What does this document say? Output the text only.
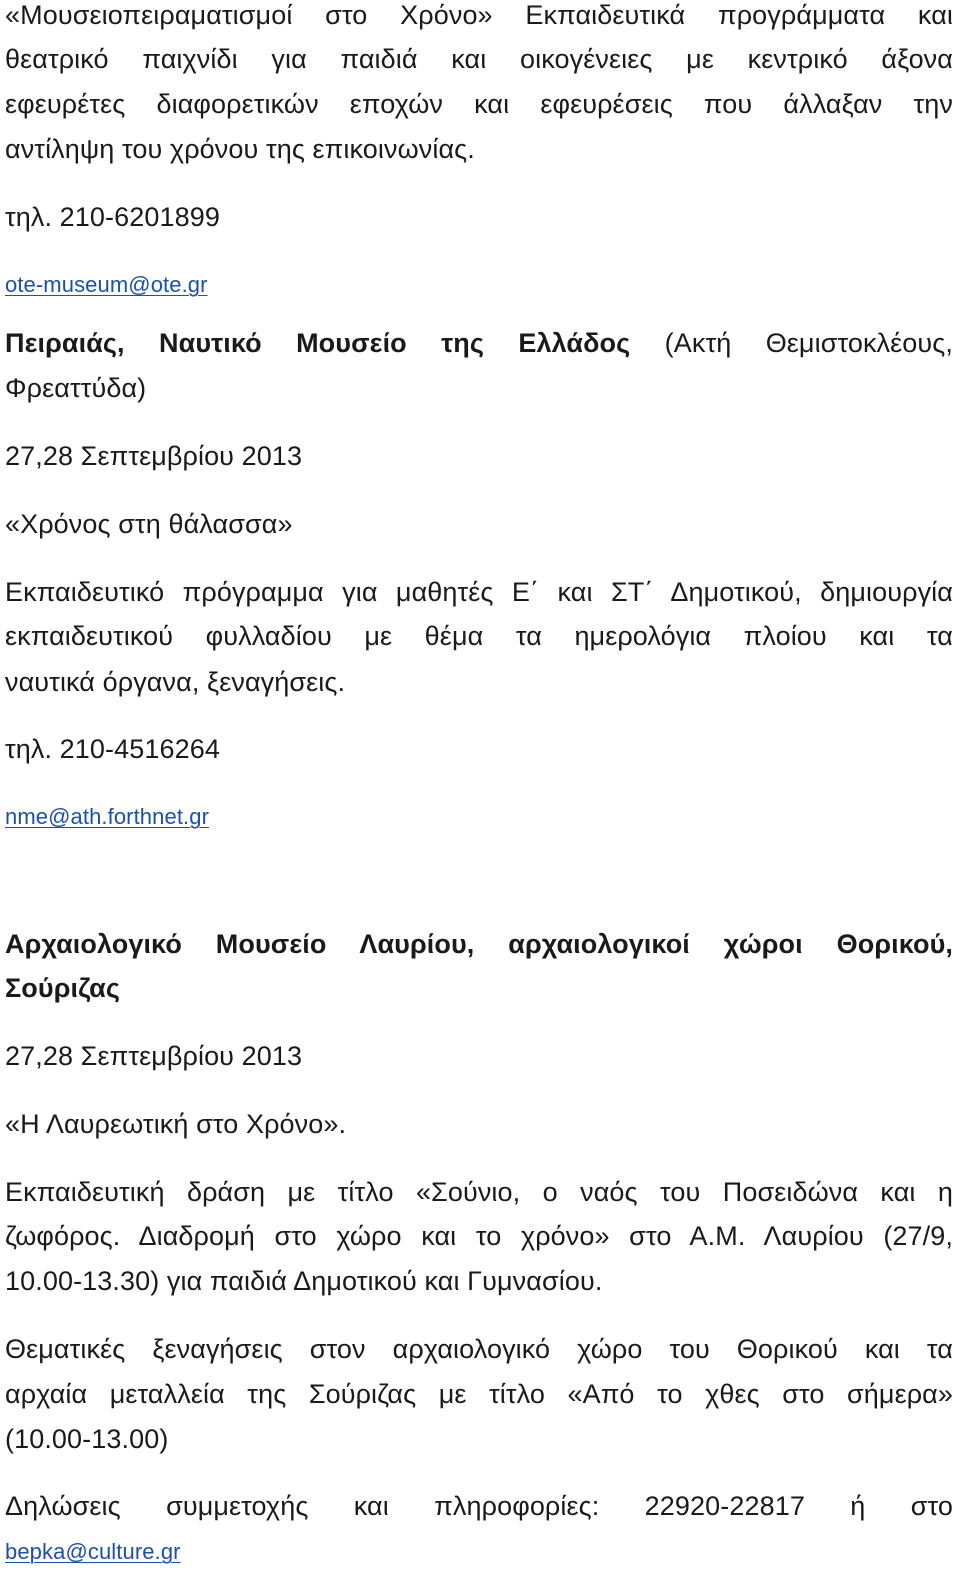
«Μουσειοπειραματισμοί στο Χρόνο» Εκπαιδευτικά προγράμματα και
θεατρικό παιχνίδι για παιδιά και οικογένειες με κεντρικό άξονα
εφευρέτες διαφορετικών εποχών και εφευρέσεις που άλλαξαν την
αντίληψη του χρόνου της επικοινωνίας.
τηλ. 210-6201899
ote-museum@ote.gr
Πειραιάς, Ναυτικό Μουσείο της Ελλάδος (Ακτή Θεμιστοκλέους,
Φρεαττύδα)
27,28 Σεπτεμβρίου 2013
«Χρόνος στη θάλασσα»
Εκπαιδευτικό πρόγραμμα για μαθητές Ε΄ και ΣΤ΄ Δημοτικού, δημιουργία
εκπαιδευτικού φυλλαδίου με θέμα τα ημερολόγια πλοίου και τα
ναυτικά όργανα, ξεναγήσεις.
τηλ. 210-4516264
nme@ath.forthnet.gr
Αρχαιολογικό Μουσείο Λαυρίου, αρχαιολογικοί χώροι Θορικού,
Σούριζας
27,28 Σεπτεμβρίου 2013
«Η Λαυρεωτική στο Χρόνο».
Εκπαιδευτική δράση με τίτλο «Σούνιο, ο ναός του Ποσειδώνα και η
ζωφόρος. Διαδρομή στο χώρο και το χρόνο» στο Α.Μ. Λαυρίου (27/9,
10.00-13.30) για παιδιά Δημοτικού και Γυμνασίου.
Θεματικές ξεναγήσεις στον αρχαιολογικό χώρο του Θορικού και τα
αρχαία μεταλλεία της Σούριζας με τίτλο «Από το χθες στο σήμερα»
(10.00-13.00)
Δηλώσεις συμμετοχής και πληροφορίες: 22920-22817 ή στο
bepka@culture.gr
